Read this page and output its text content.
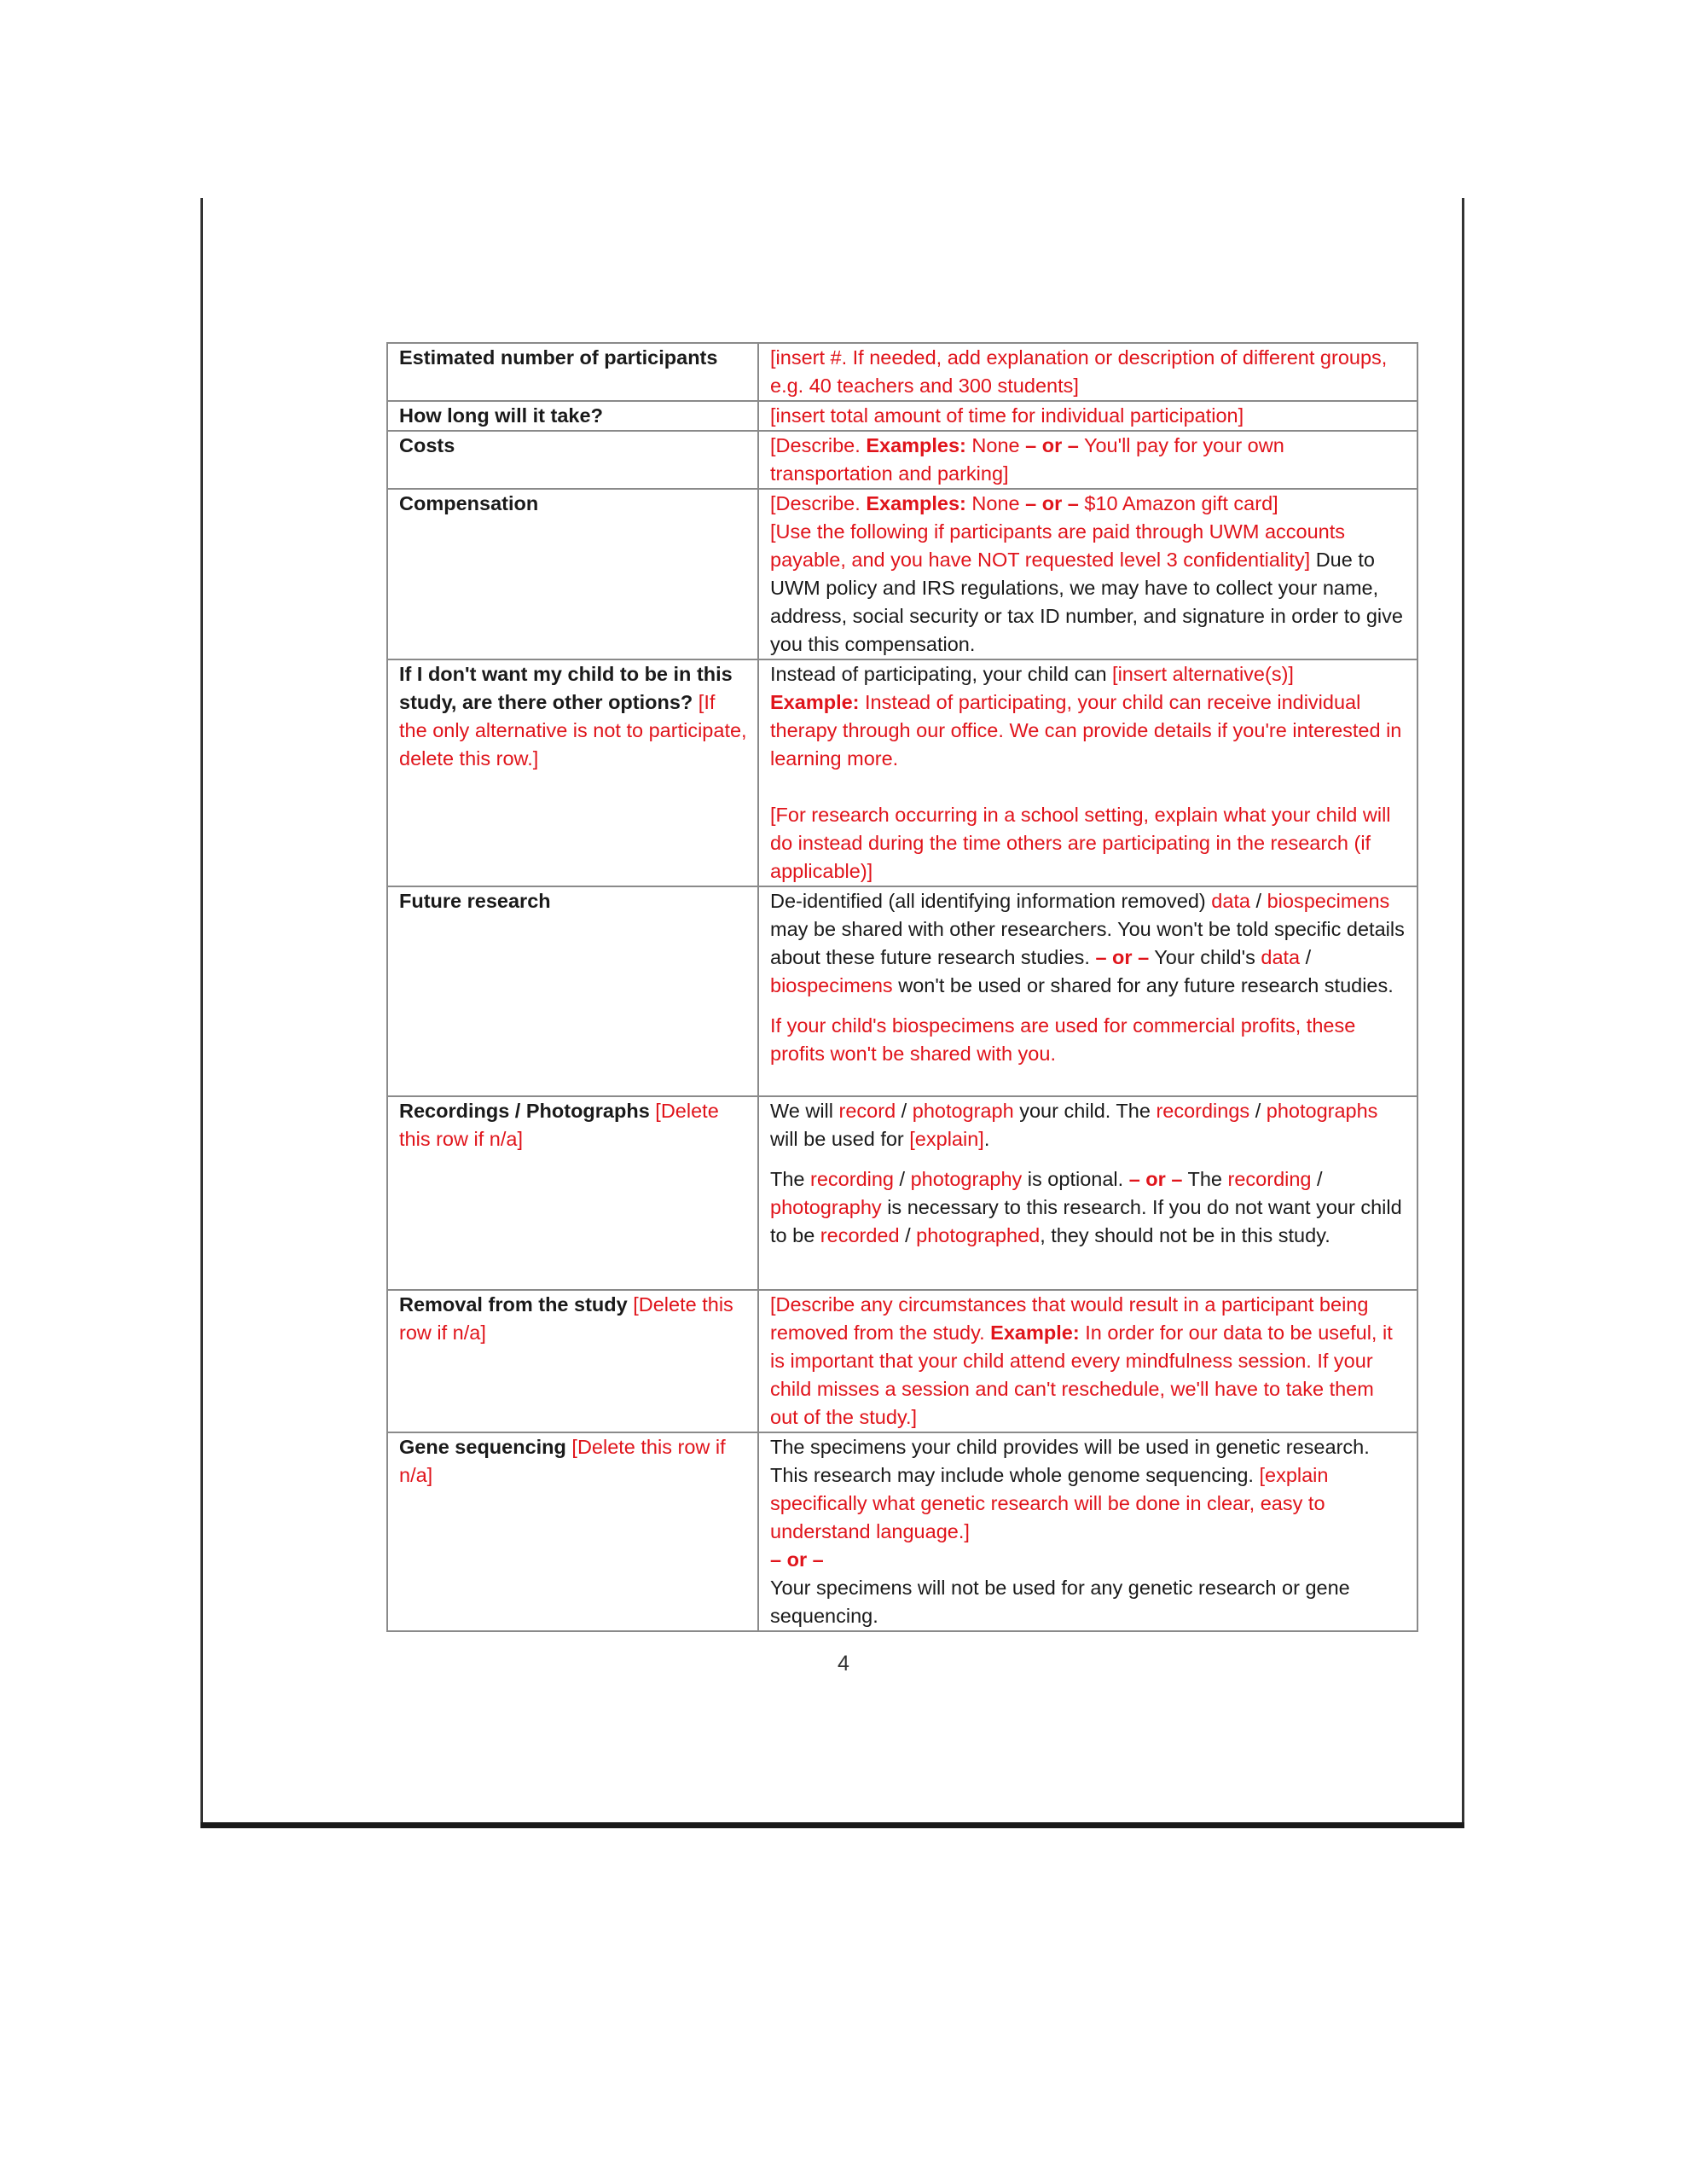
Estimated number of participants	[insert #. If needed, add explanation or description of different groups, e.g. 40 teachers and 300 students]
How long will it take?	[insert total amount of time for individual participation]
Costs	[Describe. Examples: None – or – You'll pay for your own transportation and parking]
Compensation	[Describe. Examples: None – or – $10 Amazon gift card]
[Use the following if participants are paid through UWM accounts payable, and you have NOT requested level 3 confidentiality] Due to UWM policy and IRS regulations, we may have to collect your name, address, social security or tax ID number, and signature in order to give you this compensation.
If I don't want my child to be in this study, are there other options? [If the only alternative is not to participate, delete this row.]	Instead of participating, your child can [insert alternative(s)]
Example: Instead of participating, your child can receive individual therapy through our office. We can provide details if you're interested in learning more.
[For research occurring in a school setting, explain what your child will do instead during the time others are participating in the research (if applicable)]
Future research	De-identified (all identifying information removed) data / biospecimens may be shared with other researchers. You won't be told specific details about these future research studies. – or – Your child's data / biospecimens won't be used or shared for any future research studies.
If your child's biospecimens are used for commercial profits, these profits won't be shared with you.
Recordings / Photographs [Delete this row if n/a]	We will record / photograph your child. The recordings / photographs will be used for [explain].
The recording / photography is optional. – or – The recording / photography is necessary to this research. If you do not want your child to be recorded / photographed, they should not be in this study.
Removal from the study [Delete this row if n/a]	[Describe any circumstances that would result in a participant being removed from the study. Example: In order for our data to be useful, it is important that your child attend every mindfulness session. If your child misses a session and can't reschedule, we'll have to take them out of the study.]
Gene sequencing [Delete this row if n/a]	The specimens your child provides will be used in genetic research. This research may include whole genome sequencing. [explain specifically what genetic research will be done in clear, easy to understand language.]
– or –
Your specimens will not be used for any genetic research or gene sequencing.
4
